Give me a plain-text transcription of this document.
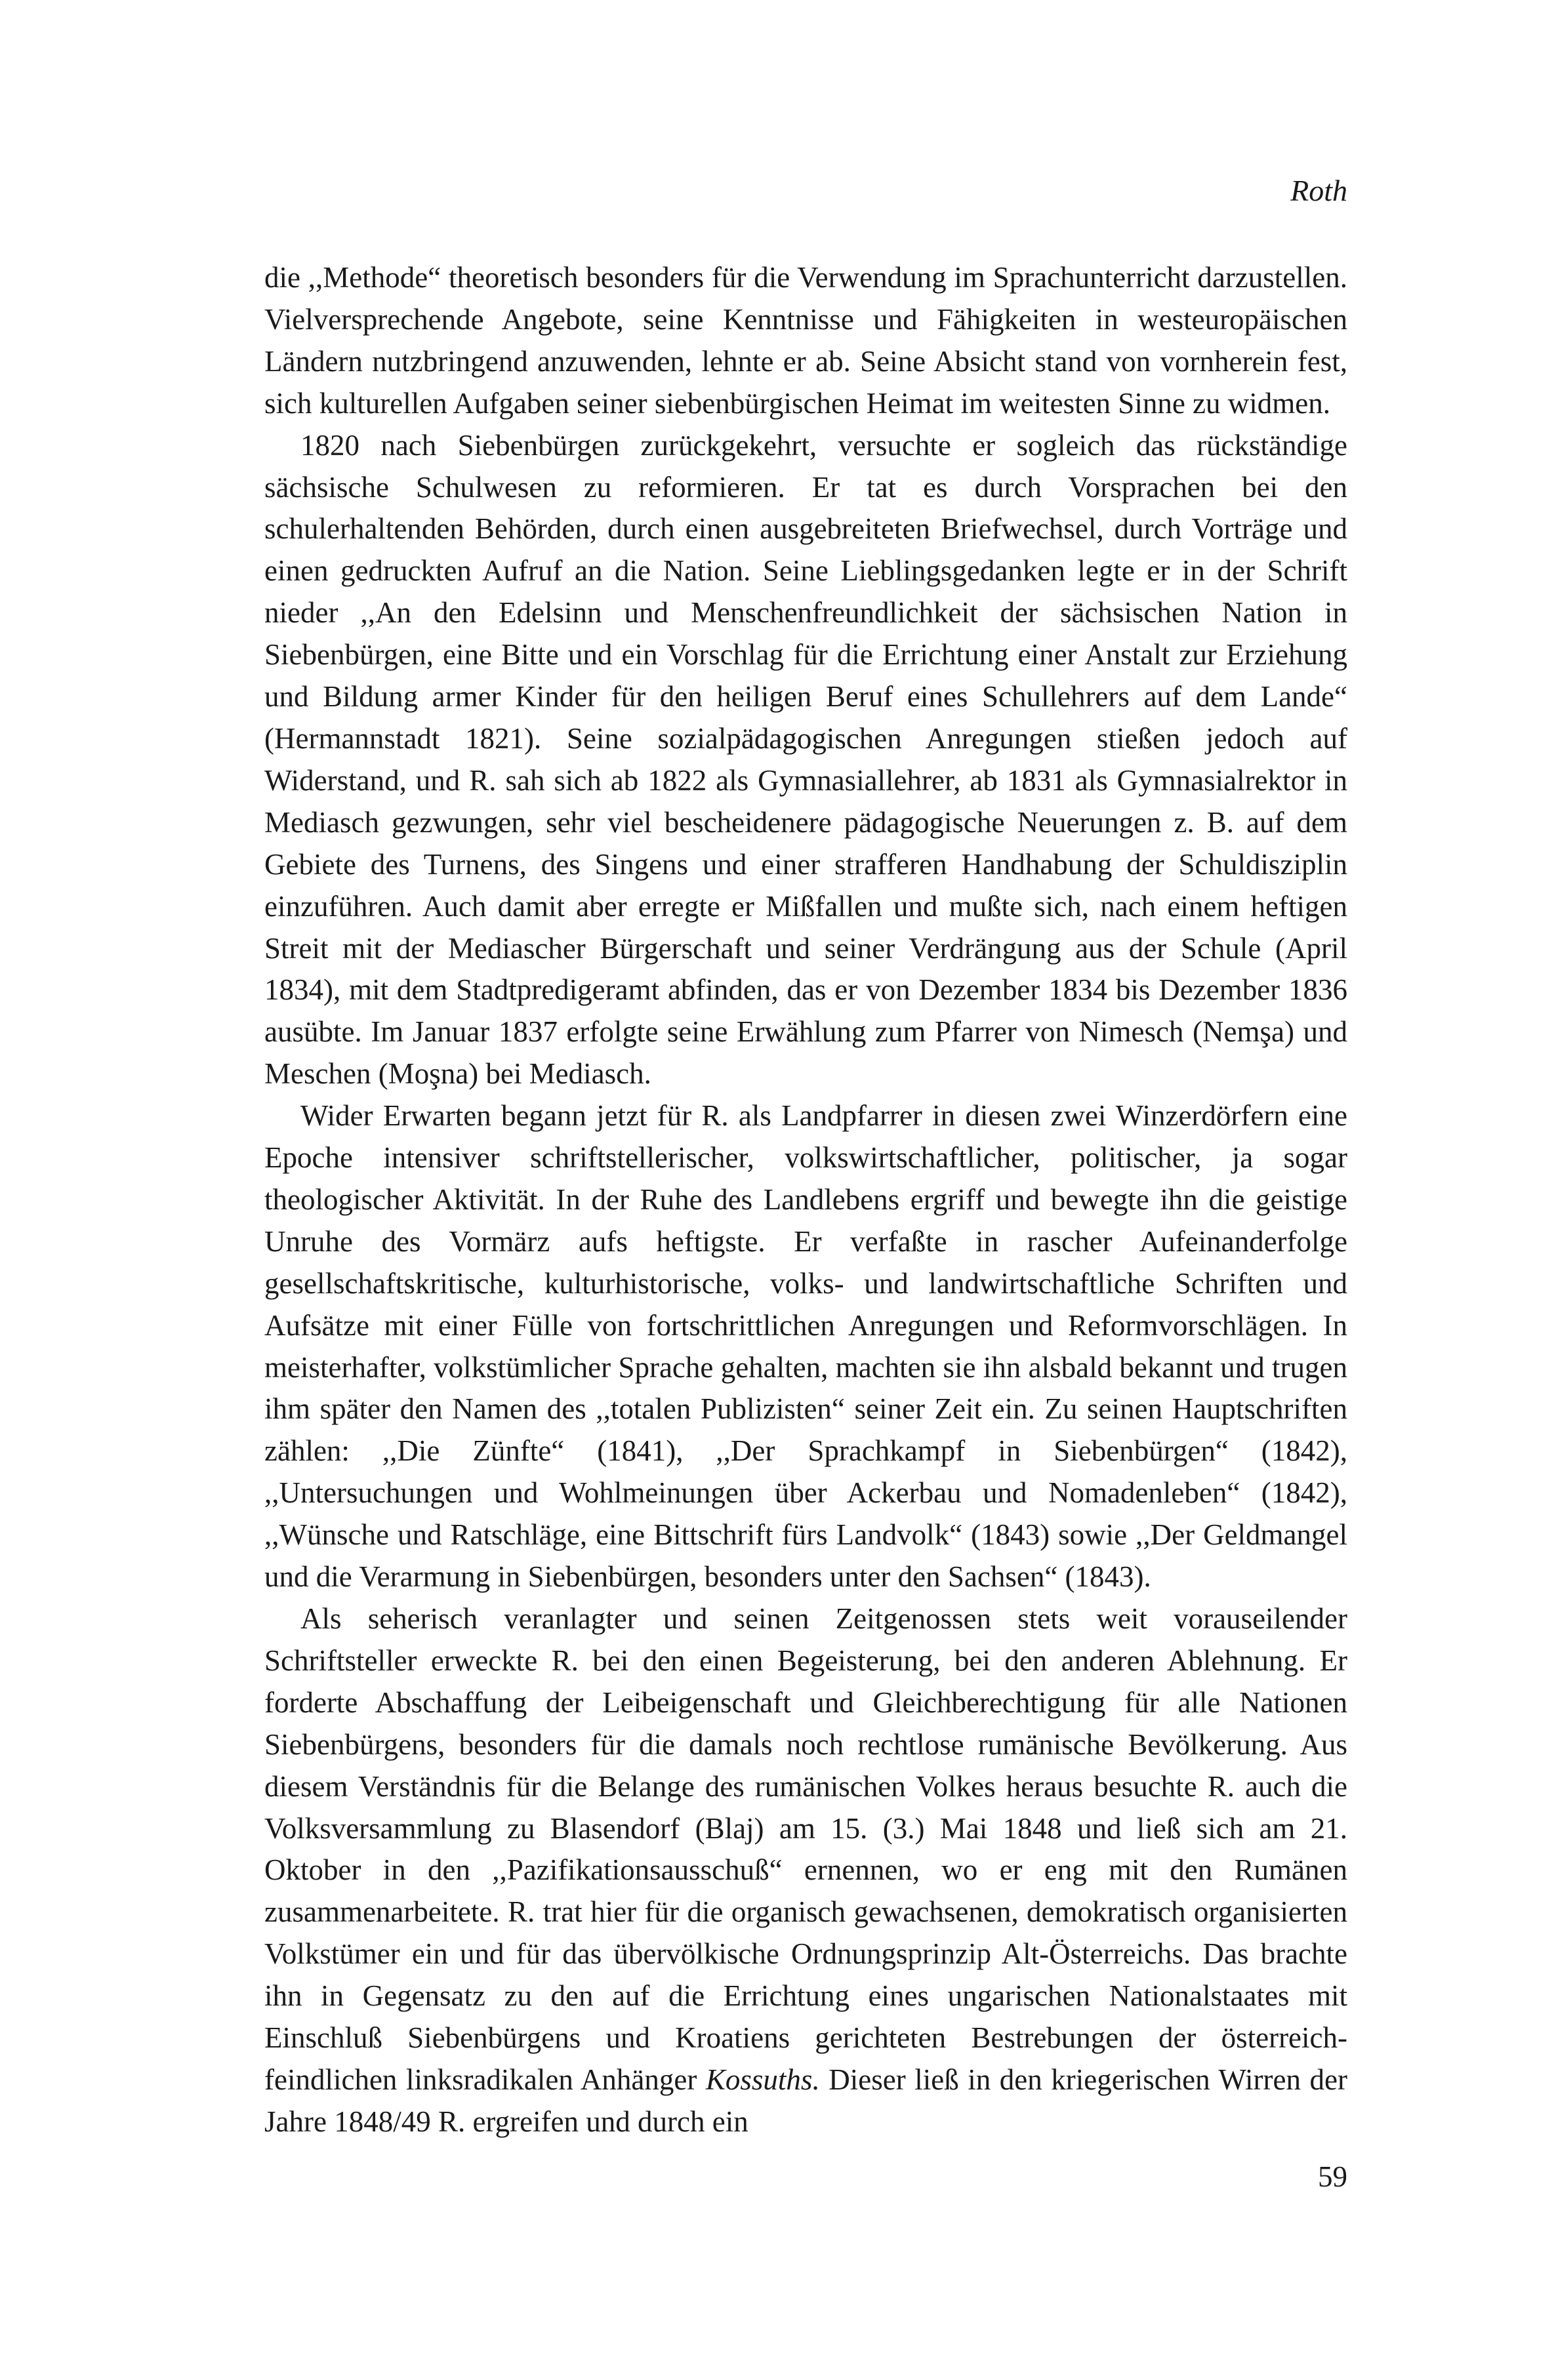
Roth

die ,,Methode“ theoretisch besonders für die Verwendung im Sprachunterricht darzustellen. Vielversprechende Angebote, seine Kenntnisse und Fähigkeiten in westeuropäischen Ländern nutzbringend anzuwenden, lehnte er ab. Seine Absicht stand von vornherein fest, sich kulturellen Aufgaben seiner siebenbürgischen Heimat im weitesten Sinne zu widmen.

1820 nach Siebenbürgen zurückgekehrt, versuchte er sogleich das rückständige sächsische Schulwesen zu reformieren. Er tat es durch Vorsprachen bei den schulerhaltenden Behörden, durch einen ausgebreiteten Briefwechsel, durch Vorträge und einen gedruckten Aufruf an die Nation. Seine Lieblingsgedanken legte er in der Schrift nieder ,,An den Edelsinn und Menschenfreundlichkeit der sächsischen Nation in Siebenbürgen, eine Bitte und ein Vorschlag für die Errichtung einer Anstalt zur Erziehung und Bildung armer Kinder für den heiligen Beruf eines Schullehrers auf dem Lande“ (Hermannstadt 1821). Seine sozialpädagogischen Anregungen stießen jedoch auf Widerstand, und R. sah sich ab 1822 als Gymnasiallehrer, ab 1831 als Gymnasialrektor in Mediasch gezwungen, sehr viel bescheidenere pädagogische Neuerungen z. B. auf dem Gebiete des Turnens, des Singens und einer strafferen Handhabung der Schuldisziplin einzuführen. Auch damit aber erregte er Mißfallen und mußte sich, nach einem heftigen Streit mit der Mediascher Bürgerschaft und seiner Verdrängung aus der Schule (April 1834), mit dem Stadtpredigeramt abfinden, das er von Dezember 1834 bis Dezember 1836 ausübte. Im Januar 1837 erfolgte seine Erwählung zum Pfarrer von Nimesch (Nemşa) und Meschen (Moşna) bei Mediasch.

Wider Erwarten begann jetzt für R. als Landpfarrer in diesen zwei Winzerdörfern eine Epoche intensiver schriftstellerischer, volkswirtschaftlicher, politischer, ja sogar theologischer Aktivität. In der Ruhe des Landlebens ergriff und bewegte ihn die geistige Unruhe des Vormärz aufs heftigste. Er verfaßte in rascher Aufeinanderfolge gesellschaftskritische, kulturhistorische, volks- und landwirtschaftliche Schriften und Aufsätze mit einer Fülle von fortschrittlichen Anregungen und Reformvorschlägen. In meisterhafter, volkstümlicher Sprache gehalten, machten sie ihn alsbald bekannt und trugen ihm später den Namen des ,,totalen Publizisten“ seiner Zeit ein. Zu seinen Hauptschriften zählen: ,,Die Zünfte“ (1841), ,,Der Sprachkampf in Siebenbürgen“ (1842), ,,Untersuchungen und Wohlmeinungen über Ackerbau und Nomadenleben“ (1842), ,,Wünsche und Ratschläge, eine Bittschrift fürs Landvolk“ (1843) sowie ,,Der Geldmangel und die Verarmung in Siebenbürgen, besonders unter den Sachsen“ (1843).

Als seherisch veranlagter und seinen Zeitgenossen stets weit vorauseilender Schriftsteller erweckte R. bei den einen Begeisterung, bei den anderen Ablehnung. Er forderte Abschaffung der Leibeigenschaft und Gleichberechtigung für alle Nationen Siebenbürgens, besonders für die damals noch rechtlose rumänische Bevölkerung. Aus diesem Verständnis für die Belange des rumänischen Volkes heraus besuchte R. auch die Volksversammlung zu Blasendorf (Blaj) am 15. (3.) Mai 1848 und ließ sich am 21. Oktober in den ,,Pazifikationsausschuß“ ernennen, wo er eng mit den Rumänen zusammenarbeitete. R. trat hier für die organisch gewachsenen, demokratisch organisierten Volkstümer ein und für das übervölkische Ordnungsprinzip Alt-Österreichs. Das brachte ihn in Gegensatz zu den auf die Errichtung eines ungarischen Nationalstaates mit Einschluß Siebenbürgens und Kroatiens gerichteten Bestrebungen der österreich-feindlichen linksradikalen Anhänger Kossuths. Dieser ließ in den kriegerischen Wirren der Jahre 1848/49 R. ergreifen und durch ein

59
